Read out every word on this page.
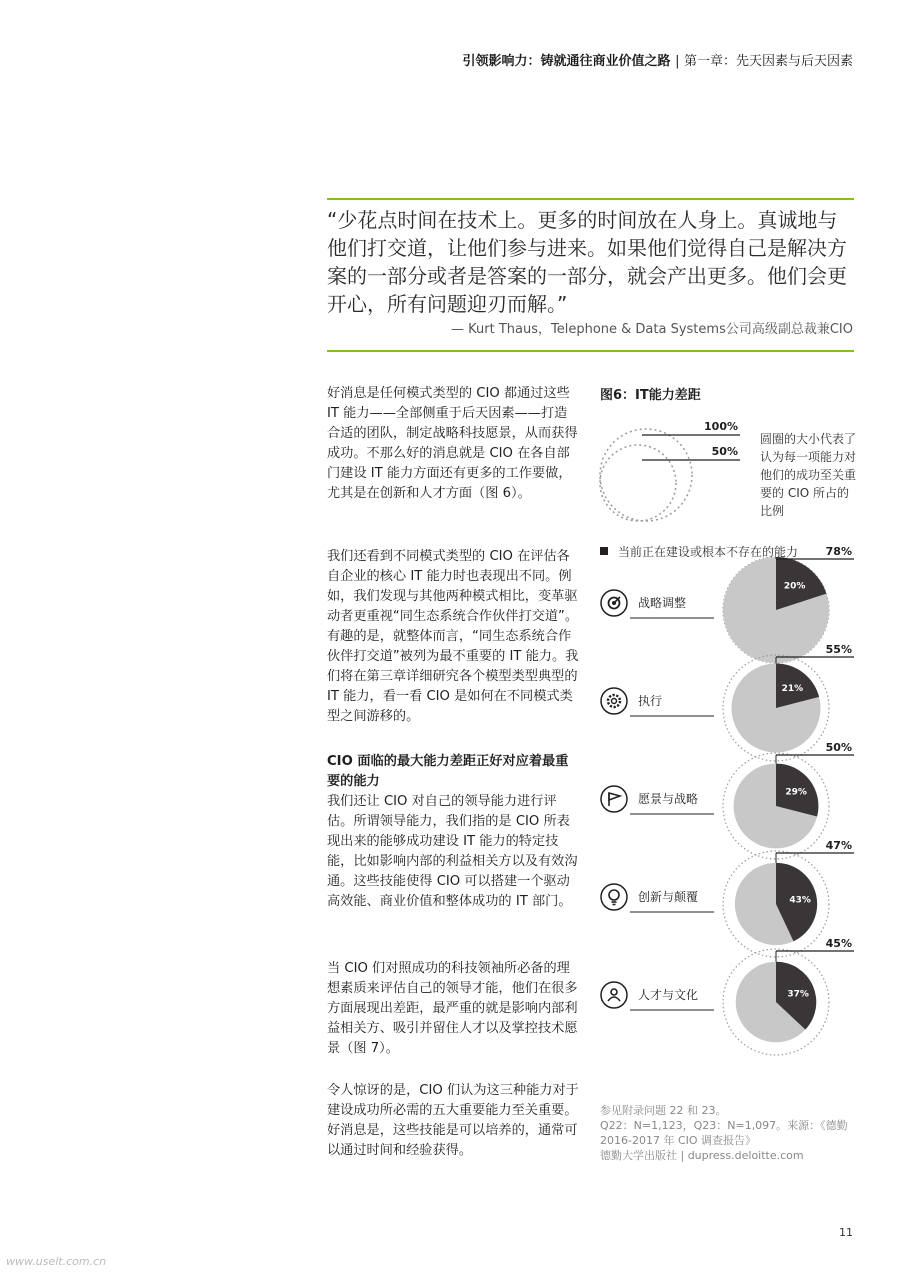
引领影响力：铸就通往商业价值之路 | 第一章：先天因素与后天因素
“少花点时间在技术上。更多的时间放在人身上。真诚地与他们打交道，让他们参与进来。如果他们觉得自己是解决方案的一部分或者是答案的一部分，就会产出更多。他们会更开心，所有问题迎刃而解。”
— Kurt Thaus，Telephone & Data Systems公司高级副总裁兼CIO

好消息是任何模式类型的 CIO 都通过这些 IT 能力——全部侧重于后天因素——打造合适的团队，制定战略科技愿景，从而获得成功。不那么好的消息就是 CIO 在各自部门建设 IT 能力方面还有更多的工作要做，尤其是在创新和人才方面（图 6）。

我们还看到不同模式类型的 CIO 在评估各自企业的核心 IT 能力时也表现出不同。例如，我们发现与其他两种模式相比，变革驱动者更重视“同生态系统合作伙伴打交道”。有趣的是，就整体而言，“同生态系统合作伙伴打交道”被列为最不重要的 IT 能力。我们将在第三章详细研究各个模型类型典型的 IT 能力，看一看 CIO 是如何在不同模式类型之间游移的。

CIO 面临的最大能力差距正好对应着最重要的能力

我们还让 CIO 对自己的领导能力进行评估。所谓领导能力，我们指的是 CIO 所表现出来的能够成功建设 IT 能力的特定技能，比如影响内部的利益相关方以及有效沟通。这些技能使得 CIO 可以搭建一个驱动高效能、商业价值和整体成功的 IT 部门。

当 CIO 们对照成功的科技领袖所必备的理想素质来评估自己的领导才能，他们在很多方面展现出差距，最严重的就是影响内部利益相关方、吸引并留住人才以及掌控技术愿景（图 7）。

令人惊讶的是，CIO 们认为这三种能力对于建设成功所必需的五大重要能力至关重要。好消息是，这些技能是可以培养的，通常可以通过时间和经验获得。

图6：IT能力差距
圆圈的大小代表了认为每一项能力对他们的成功至关重要的 CIO 所占的比例
当前正在建设或根本不存在的能力
100%
50%
20%
78%
战略调整
21%
55%
执行
29%
50%
愿景与战略
43%
47%
创新与颠覆
37%
45%
人才与文化
参见附录问题 22 和 23。
Q22：N=1,123，Q23：N=1,097。来源：《德勤 2016-2017 年 CIO 调查报告》
德勤大学出版社 | dupress.deloitte.com
11
www.uselt.com.cn
